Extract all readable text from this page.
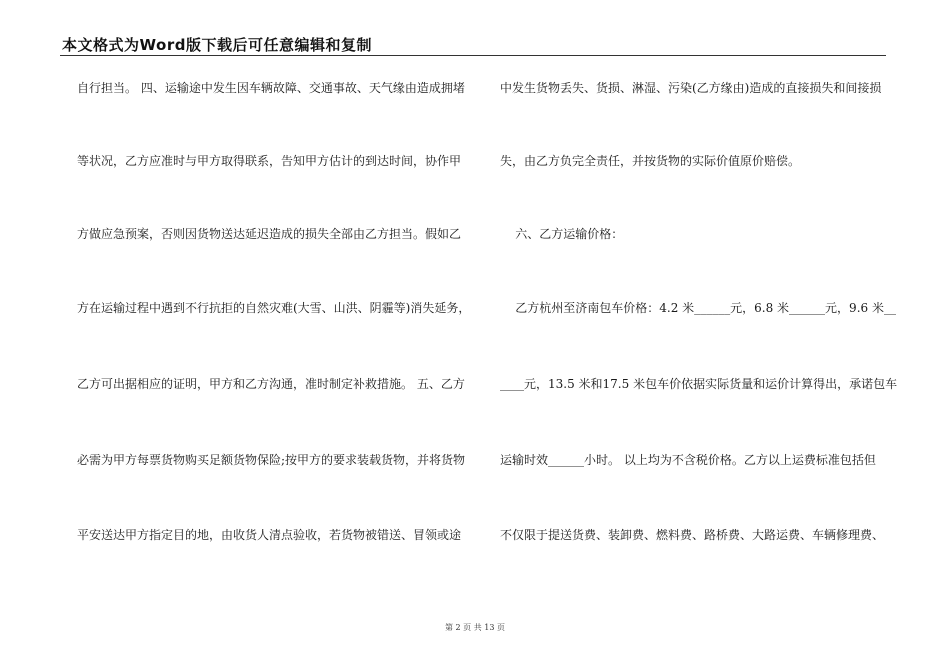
本文格式为Word版下载后可任意编辑和复制
自行担当。 四、运输途中发生因车辆故障、交通事故、天气缘由造成拥堵
等状况，乙方应准时与甲方取得联系，告知甲方估计的到达时间，协作甲
方做应急预案，否则因货物送达延迟造成的损失全部由乙方担当。假如乙
方在运输过程中遇到不行抗拒的自然灾难(大雪、山洪、阴霾等)消失延务，
乙方可出据相应的证明，甲方和乙方沟通，准时制定补救措施。 五、乙方
必需为甲方每票货物购买足额货物保险;按甲方的要求装载货物，并将货物
平安送达甲方指定目的地，由收货人清点验收，若货物被错送、冒领或途
中发生货物丢失、货损、淋湿、污染(乙方缘由)造成的直接损失和间接损
失，由乙方负完全责任，并按货物的实际价值原价赔偿。
六、乙方运输价格：
乙方杭州至济南包车价格：4.2 米______元，6.8 米______元，9.6 米__
____元，13.5 米和17.5 米包车价依据实际货量和运价计算得出，承诺包车
运输时效______小时。 以上均为不含税价格。乙方以上运费标准包括但
不仅限于提送货费、装卸费、燃料费、路桥费、大路运费、车辆修理费、
第 2 页 共 13 页
